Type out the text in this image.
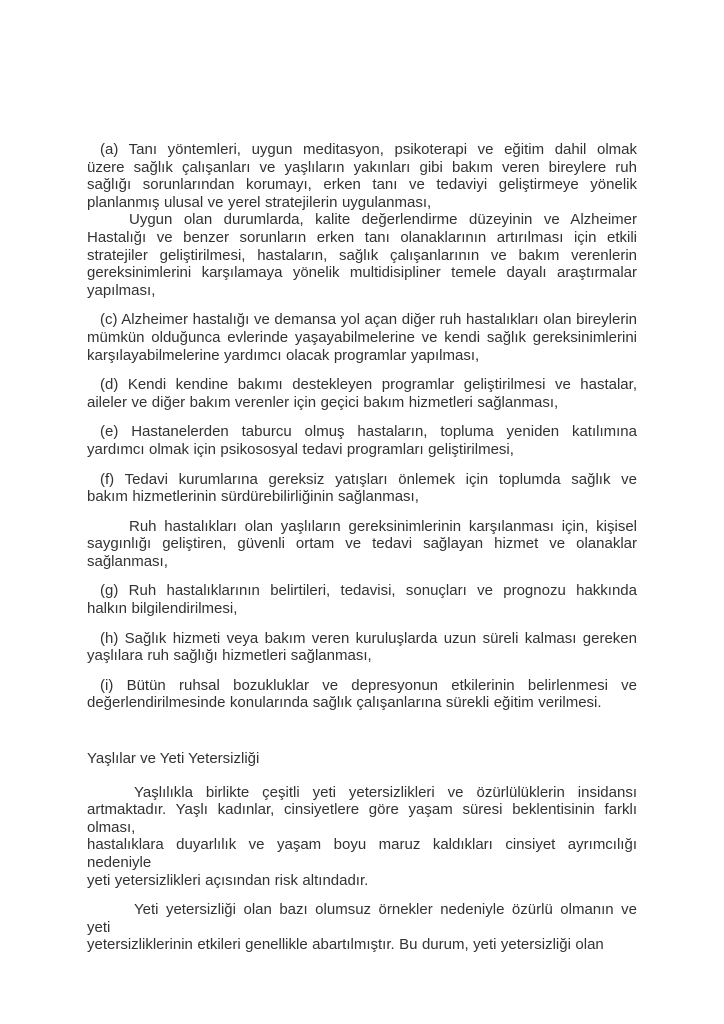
(a) Tanı yöntemleri, uygun meditasyon, psikoterapi ve eğitim dahil olmak
üzere sağlık çalışanları ve yaşlıların yakınları gibi bakım veren bireylere ruh
sağlığı sorunlarından korumayı, erken tanı ve tedaviyi geliştirmeye yönelik
planlanmış ulusal ve yerel stratejilerin uygulanması,
Uygun olan durumlarda, kalite değerlendirme düzeyinin ve Alzheimer
Hastalığı ve benzer sorunların erken tanı olanaklarının artırılması için etkili
stratejiler geliştirilmesi, hastaların, sağlık çalışanlarının ve bakım verenlerin
gereksinimlerini karşılamaya yönelik multidisipliner temele dayalı araştırmalar
yapılması,
(c) Alzheimer hastalığı ve demansa yol açan diğer ruh hastalıkları olan bireylerin
mümkün olduğunca evlerinde yaşayabilmelerine ve kendi sağlık gereksinimlerini
karşılayabilmelerine yardımcı olacak programlar yapılması,
(d) Kendi kendine bakımı destekleyen programlar geliştirilmesi ve hastalar,
aileler ve diğer bakım verenler için geçici bakım hizmetleri sağlanması,
(e) Hastanelerden taburcu olmuş hastaların, topluma yeniden katılımına
yardımcı olmak için psikososyal tedavi programları geliştirilmesi,
(f) Tedavi kurumlarına gereksiz yatışları önlemek için toplumda sağlık ve
bakım hizmetlerinin sürdürebilirliğinin sağlanması,
Ruh hastalıkları olan yaşlıların gereksinimlerinin karşılanması için, kişisel
saygınlığı geliştiren, güvenli ortam ve tedavi sağlayan hizmet ve olanaklar
sağlanması,
(g) Ruh hastalıklarının belirtileri, tedavisi, sonuçları ve prognozu hakkında
halkın bilgilendirilmesi,
(h) Sağlık hizmeti veya bakım veren kuruluşlarda uzun süreli kalması gereken
yaşlılara ruh sağlığı hizmetleri sağlanması,
(i) Bütün ruhsal bozukluklar ve depresyonun etkilerinin belirlenmesi ve
değerlendirilmesinde konularında sağlık çalışanlarına sürekli eğitim verilmesi.
Yaşlılar ve Yeti Yetersizliği
Yaşlılıkla birlikte çeşitli yeti yetersizlikleri ve özürlülüklerin insidansı
artmaktadır. Yaşlı kadınlar, cinsiyetlere göre yaşam süresi beklentisinin farklı olması,
hastalıklara duyarlılık ve yaşam boyu maruz kaldıkları cinsiyet ayrımcılığı nedeniyle
yeti yetersizlikleri açısından risk altındadır.
Yeti yetersizliği olan bazı olumsuz örnekler nedeniyle özürlü olmanın ve yeti
yetersizliklerinin etkileri genellikle abartılmıştır. Bu durum, yeti yetersizliği olan
